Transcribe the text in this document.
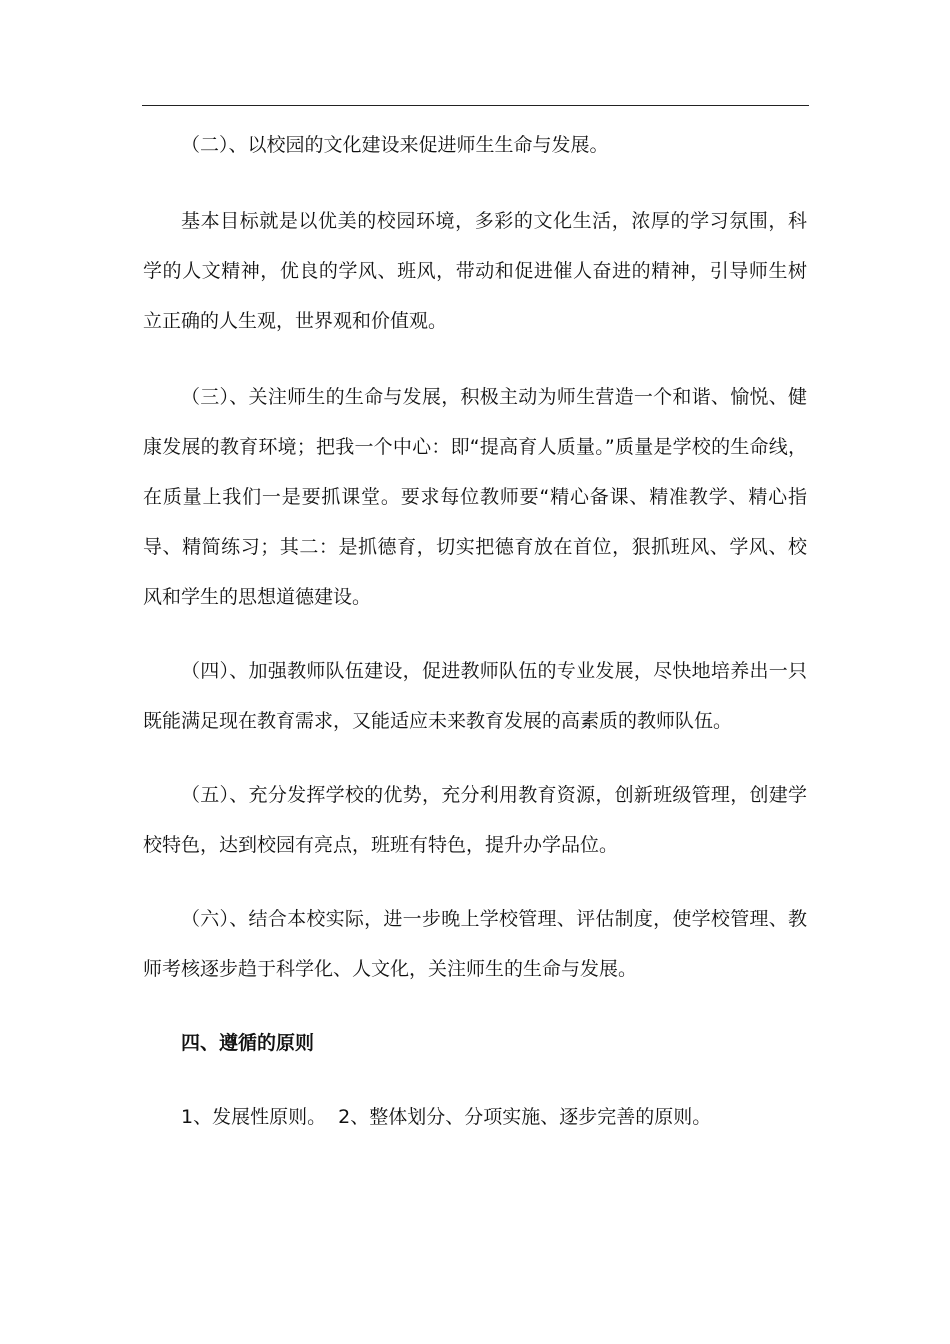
（二）、以校园的文化建设来促进师生生命与发展。

基本目标就是以优美的校园环境，多彩的文化生活，浓厚的学习氛围，科学的人文精神，优良的学风、班风，带动和促进催人奋进的精神，引导师生树立正确的人生观，世界观和价值观。

（三）、关注师生的生命与发展，积极主动为师生营造一个和谐、愉悦、健康发展的教育环境；把我一个中心：即“提高育人质量。”质量是学校的生命线，在质量上我们一是要抓课堂。要求每位教师要“精心备课、精准教学、精心指导、精简练习；其二：是抓德育，切实把德育放在首位，狠抓班风、学风、校风和学生的思想道德建设。

（四）、加强教师队伍建设，促进教师队伍的专业发展，尽快地培养出一只既能满足现在教育需求，又能适应未来教育发展的高素质的教师队伍。

（五）、充分发挥学校的优势，充分利用教育资源，创新班级管理，创建学校特色，达到校园有亮点，班班有特色，提升办学品位。

（六）、结合本校实际，进一步晚上学校管理、评估制度，使学校管理、教师考核逐步趋于科学化、人文化，关注师生的生命与发展。

四、遵循的原则

1、发展性原则。  2、整体划分、分项实施、逐步完善的原则。
